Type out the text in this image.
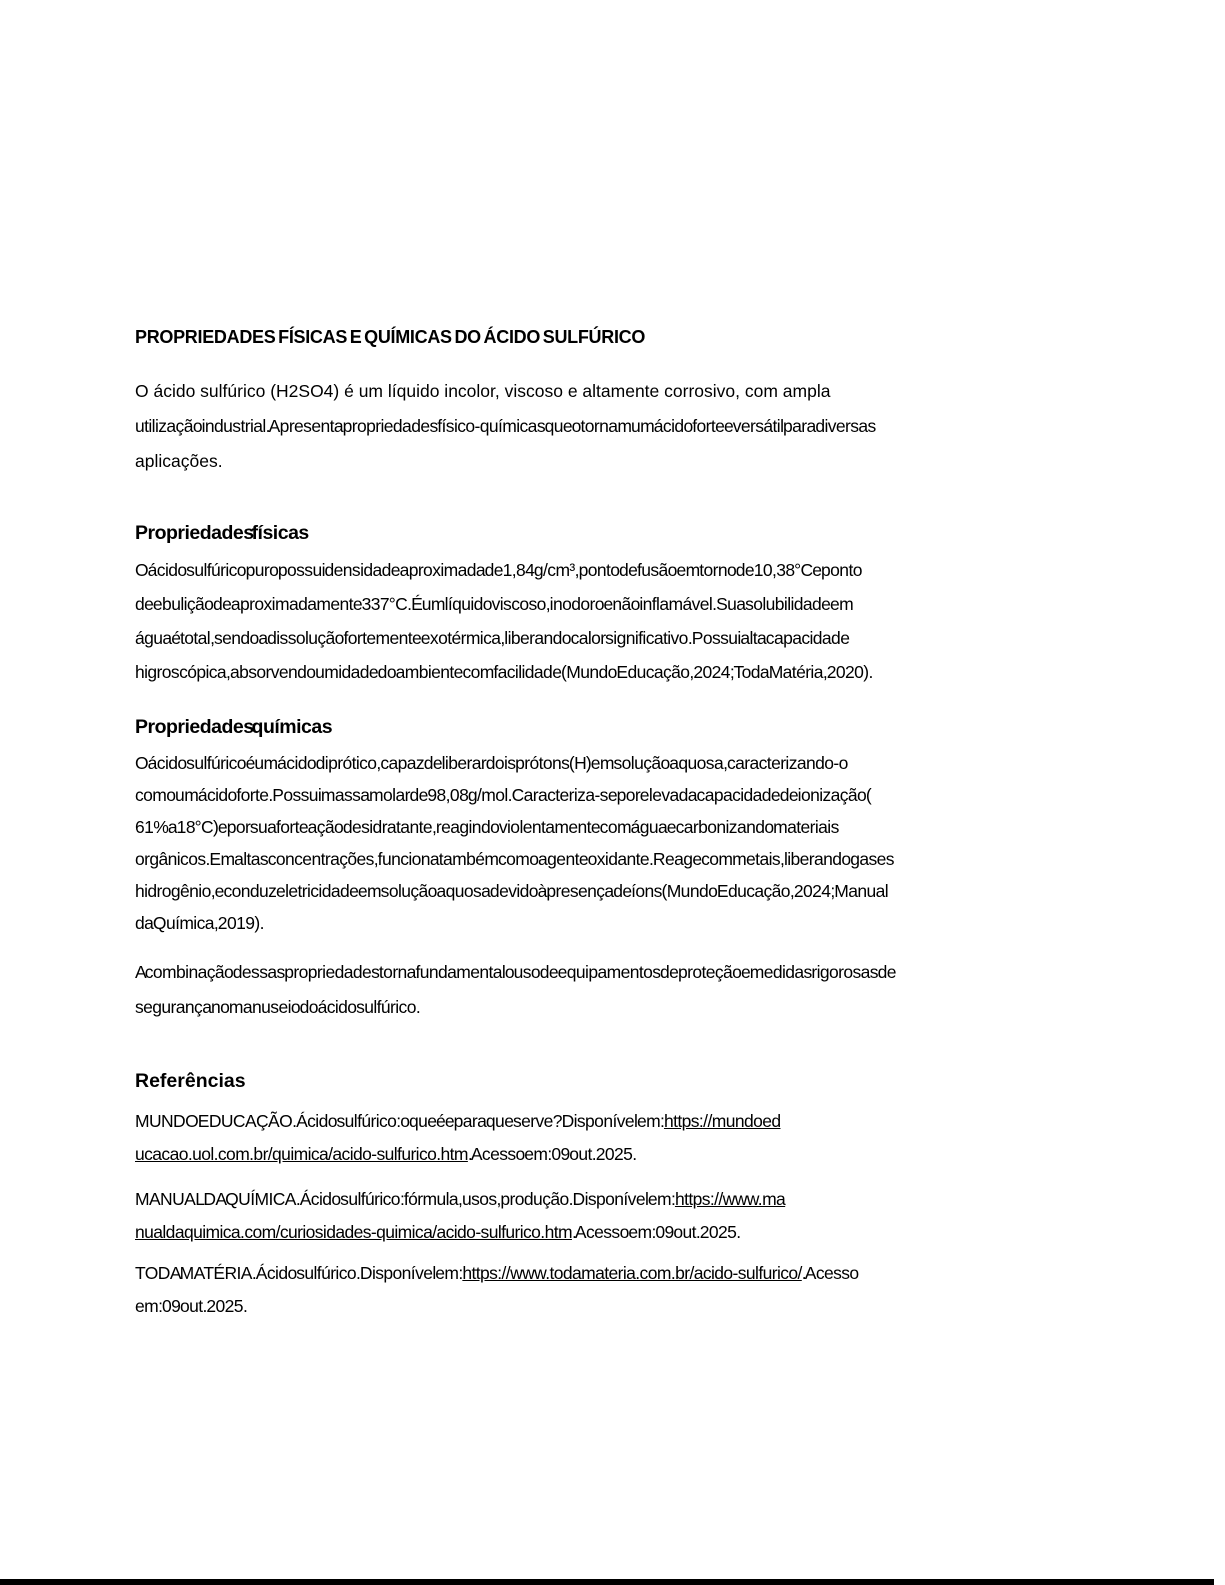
PROPRIEDADES FÍSICAS E QUÍMICAS DO ÁCIDO SULFÚRICO

O ácido sulfúrico (H2SO4) é um líquido incolor, viscoso e altamente corrosivo, com ampla
utilização industrial. Apresenta propriedades físico-químicas que o tornam um ácido forte e versátil para diversas
aplicações.

Propriedades físicas

O ácido sulfúrico puro possui densidade aproximada de 1,84 g/cm³, ponto de fusão em torno de 10,38 °C e ponto
de ebulição de aproximadamente 337 °C. É um líquido viscoso, inodoro e não inflamável. Sua solubilidade em
água é total, sendo a dissolução fortemente exotérmica, liberando calor significativo. Possui alta capacidade
higroscópica, absorvendo umidade do ambiente com facilidade (Mundo Educação, 2024; Toda Matéria, 2020).

Propriedades químicas

O ácido sulfúrico é um ácido diprótico, capaz de liberar dois prótons (H ) em solução aquosa, caracterizando-o
como um ácido forte. Possui massa molar de 98,08 g/mol. Caracteriza-se por elevada capacidade de ionização (
61% a 18 °C) e por sua forte ação desidratante, reagindo violentamente com água e carbonizando materiais
orgânicos. Em altas concentrações, funciona também como agente oxidante. Reage com metais, liberando gases
hidrogênio, e conduz eletricidade em solução aquosa devido à presença de íons (Mundo Educação, 2024; Manual
da Química, 2019).

A combinação dessas propriedades torna fundamental o uso de equipamentos de proteção e medidas rigorosas de
segurança no manuseio do ácido sulfúrico.

Referências

MUNDO EDUCAÇÃO. Ácido sulfúrico: o que é e para que serve? Disponível em: https://mundoed
ucacao.uol.com.br/quimica/acido-sulfurico.htm. Acesso em: 09 out. 2025.

MANUAL DA QUÍMICA. Ácido sulfúrico: fórmula, usos, produção. Disponível em: https://www.ma
nualdaquimica.com/curiosidades-quimica/acido-sulfurico.htm. Acesso em: 09 out. 2025.

TODA MATÉRIA. Ácido sulfúrico. Disponível em: https://www.todamateria.com.br/acido-sulfurico/. Acesso
em: 09 out. 2025.
